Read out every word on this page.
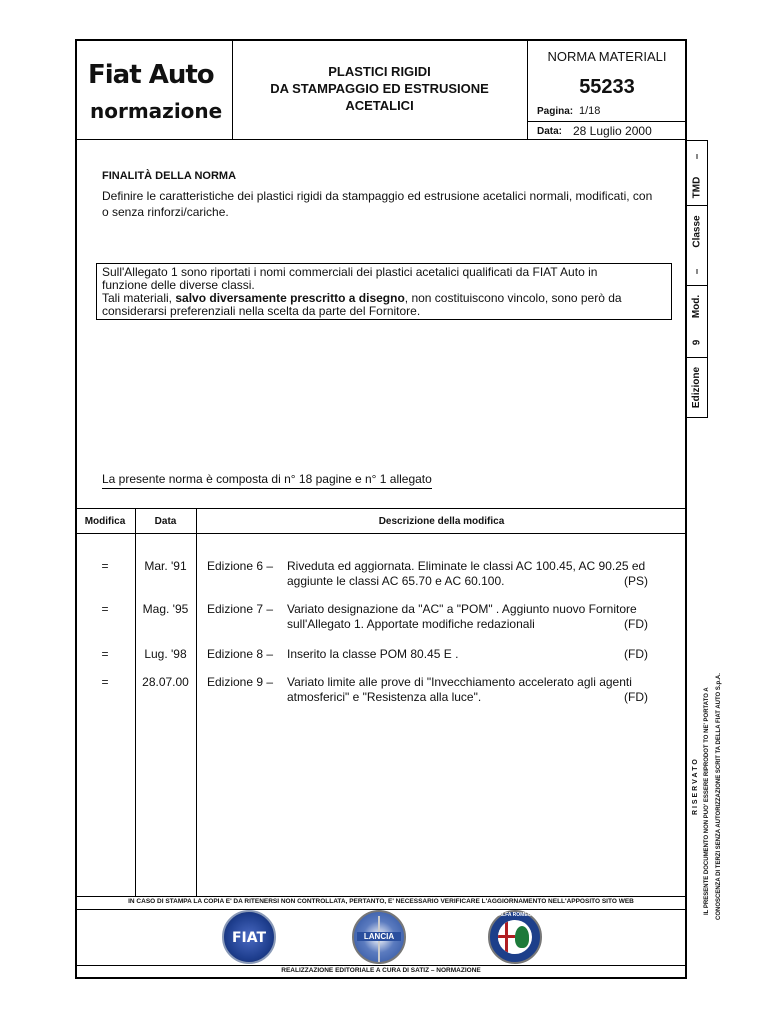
Fiat Auto
normazione
PLASTICI RIGIDI
DA STAMPAGGIO ED ESTRUSIONE
ACETALICI
NORMA MATERIALI
55233
Pagina: 1/18
Data: 28 Luglio 2000
–
TMD
Classe
–
Mod.
9
Edizione
FINALITÀ DELLA NORMA
Definire le caratteristiche dei plastici rigidi da stampaggio ed estrusione acetalici normali, modificati, con
o senza rinforzi/cariche.
Sull'Allegato 1 sono riportati i nomi commerciali dei plastici acetalici qualificati da FIAT Auto in
funzione delle diverse classi.
Tali materiali, salvo diversamente prescritto a disegno, non costituiscono vincolo, sono però da
considerarsi preferenziali nella scelta da parte del Fornitore.
La presente norma è composta di n° 18 pagine e n° 1 allegato
Modifica	Data	Descrizione della modifica
=	Mar. '91	Edizione 6 – Riveduta ed aggiornata. Eliminate le classi AC 100.45, AC 90.25 ed
aggiunte le classi AC 65.70 e AC 60.100.	(PS)
=	Mag. '95	Edizione 7 – Variato designazione da "AC" a "POM" . Aggiunto nuovo Fornitore
sull'Allegato 1. Apportate modifiche redazionali	(FD)
=	Lug. '98	Edizione 8 – Inserito la classe POM 80.45 E .	(FD)
=	28.07.00	Edizione 9 – Variato limite alle prove di "Invecchiamento accelerato agli agenti
atmosferici" e "Resistenza alla luce".	(FD)
IN CASO DI STAMPA LA COPIA E' DA RITENERSI NON CONTROLLATA, PERTANTO, E' NECESSARIO VERIFICARE L'AGGIORNAMENTO NELL'APPOSITO SITO WEB
FIAT	LANCIA
ALFA ROMEO
REALIZZAZIONE EDITORIALE A CURA DI SATIZ – NORMAZIONE
R I S E R V A T O IL PRESENTE DOCUMENTO NON PUO' ESSERE RIPRODOT TO NE' PORTATO A CONOSCENZA DI TERZI SENZA AUTORIZZAZIONE SCRIT TA DELLA FIAT AUTO S.p.A.
